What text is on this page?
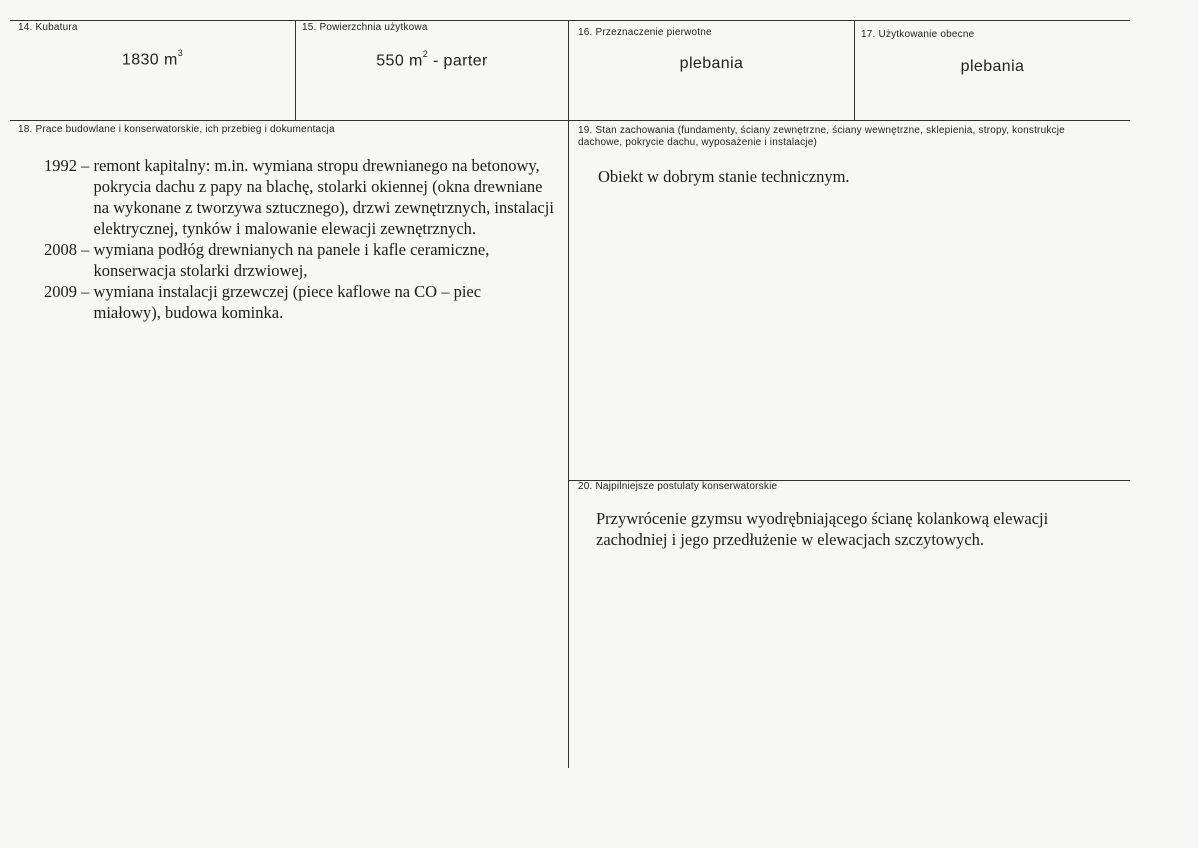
14. Kubatura
1830 $m^3$
15. Powierzchnia użytkowa
550 $m^2$ - parter
16. Przeznaczenie pierwotne
plebania
17. Użytkowanie obecne
plebania
18. Prace budowlane i konserwatorskie, ich przebieg i dokumentacja
1992 – remont kapitalny: m.in. wymiana stropu drewnianego na betonowy, pokrycia dachu z papy na blachę, stolarki okiennej (okna drewniane na wykonane z tworzywa sztucznego), drzwi zewnętrznych, instalacji elektrycznej, tynków i malowanie elewacji zewnętrznych.
2008 – wymiana podłóg drewnianych na panele i kafle ceramiczne, konserwacja stolarki drzwiowej,
2009 – wymiana instalacji grzewczej (piece kaflowe na CO – piec miałowy), budowa kominka.
19. Stan zachowania (fundamenty, ściany zewnętrzne, ściany wewnętrzne, sklepienia, stropy, konstrukcje dachowe, pokrycie dachu, wyposażenie i instalacje)
Obiekt w dobrym stanie technicznym.
20. Najpilniejsze postulaty konserwatorskie
Przywrócenie gzymsu wyodrębniającego ścianę kolankową elewacji zachodniej i jego przedłużenie w elewacjach szczytowych.
